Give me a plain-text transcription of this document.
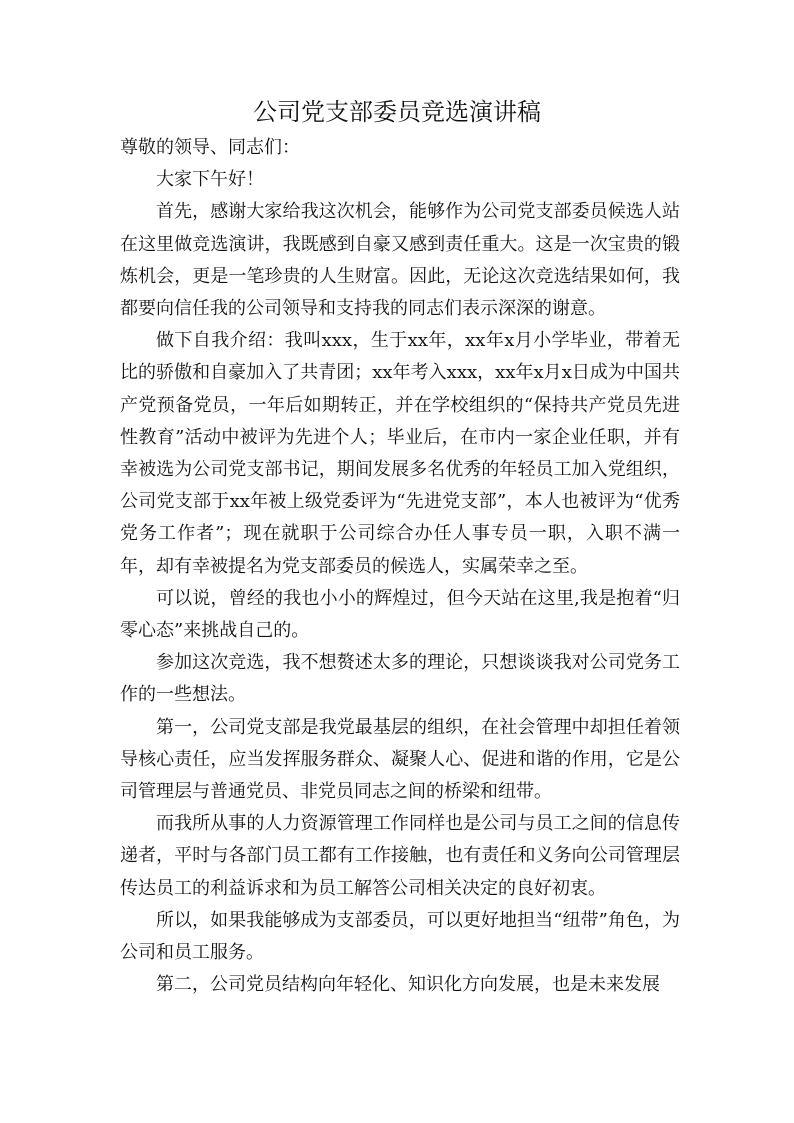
公司党支部委员竞选演讲稿

尊敬的领导、同志们：

大家下午好！

首先，感谢大家给我这次机会，能够作为公司党支部委员候选人站在这里做竞选演讲，我既感到自豪又感到责任重大。这是一次宝贵的锻炼机会，更是一笔珍贵的人生财富。因此，无论这次竞选结果如何，我都要向信任我的公司领导和支持我的同志们表示深深的谢意。

做下自我介绍：我叫xxx，生于xx年，xx年x月小学毕业，带着无比的骄傲和自豪加入了共青团；xx年考入xxx，xx年x月x日成为中国共产党预备党员，一年后如期转正，并在学校组织的“保持共产党员先进性教育”活动中被评为先进个人；毕业后，在市内一家企业任职，并有幸被选为公司党支部书记，期间发展多名优秀的年轻员工加入党组织，公司党支部于xx年被上级党委评为“先进党支部”，本人也被评为“优秀党务工作者”；现在就职于公司综合办任人事专员一职，入职不满一年，却有幸被提名为党支部委员的候选人，实属荣幸之至。

可以说，曾经的我也小小的辉煌过，但今天站在这里,我是抱着“归零心态”来挑战自己的。

参加这次竞选，我不想赘述太多的理论，只想谈谈我对公司党务工作的一些想法。

第一，公司党支部是我党最基层的组织，在社会管理中却担任着领导核心责任，应当发挥服务群众、凝聚人心、促进和谐的作用，它是公司管理层与普通党员、非党员同志之间的桥梁和纽带。

而我所从事的人力资源管理工作同样也是公司与员工之间的信息传递者，平时与各部门员工都有工作接触，也有责任和义务向公司管理层传达员工的利益诉求和为员工解答公司相关决定的良好初衷。

所以，如果我能够成为支部委员，可以更好地担当“纽带”角色，为公司和员工服务。

第二，公司党员结构向年轻化、知识化方向发展，也是未来发展
